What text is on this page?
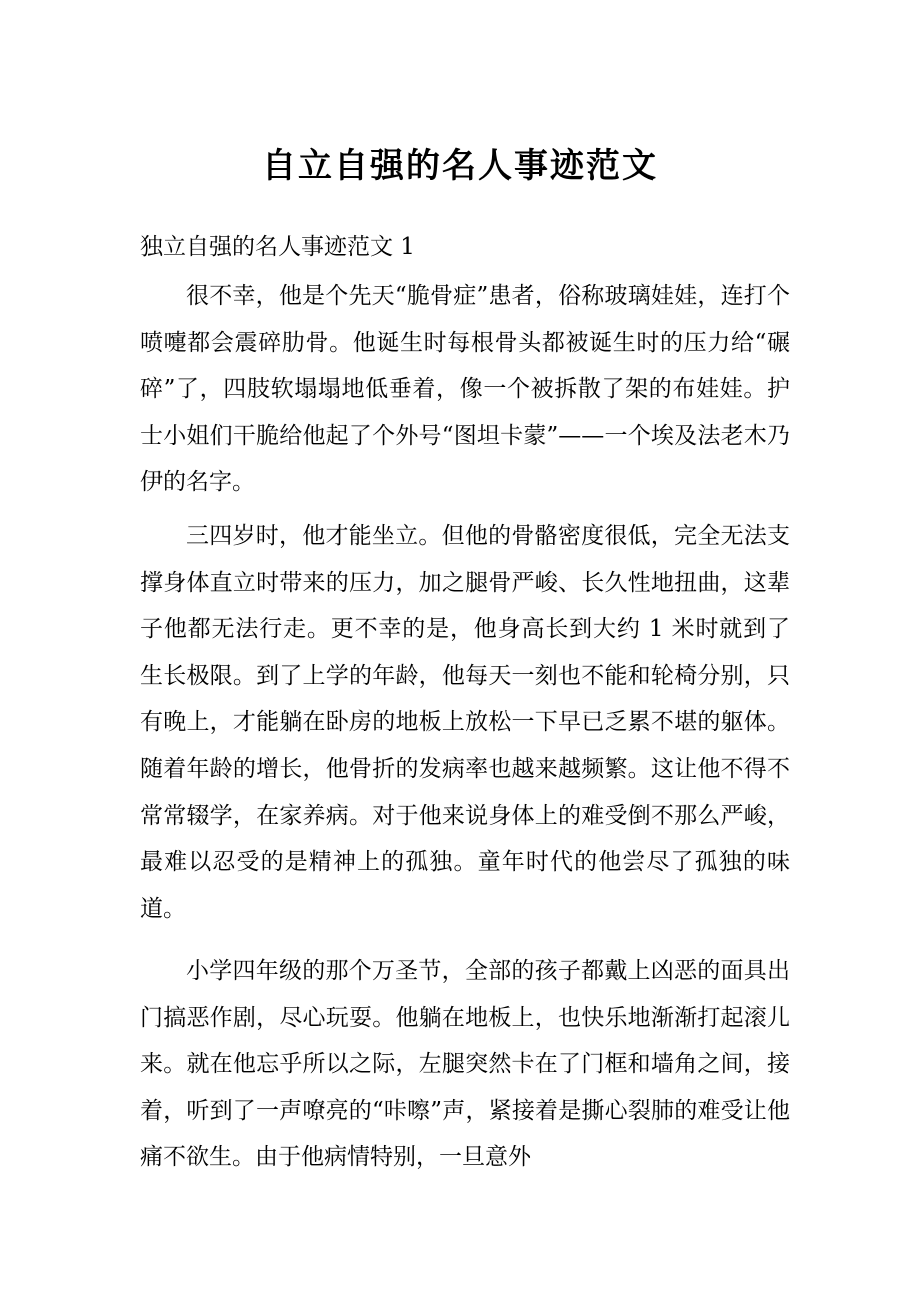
自立自强的名人事迹范文
独立自强的名人事迹范文 1

很不幸，他是个先天“脆骨症”患者，俗称玻璃娃娃，连打个喷嚏都会震碎肋骨。他诞生时每根骨头都被诞生时的压力给“碾碎”了，四肢软塌塌地低垂着，像一个被拆散了架的布娃娃。护士小姐们干脆给他起了个外号“图坦卡蒙”——一个埃及法老木乃伊的名字。

三四岁时，他才能坐立。但他的骨骼密度很低，完全无法支撑身体直立时带来的压力，加之腿骨严峻、长久性地扭曲，这辈子他都无法行走。更不幸的是，他身高长到大约 1 米时就到了生长极限。到了上学的年龄，他每天一刻也不能和轮椅分别，只有晚上，才能躺在卧房的地板上放松一下早已乏累不堪的躯体。随着年龄的增长，他骨折的发病率也越来越频繁。这让他不得不常常辍学，在家养病。对于他来说身体上的难受倒不那么严峻，最难以忍受的是精神上的孤独。童年时代的他尝尽了孤独的味道。

小学四年级的那个万圣节，全部的孩子都戴上凶恶的面具出门搞恶作剧，尽心玩耍。他躺在地板上，也快乐地渐渐打起滚儿来。就在他忘乎所以之际，左腿突然卡在了门框和墙角之间，接着，听到了一声嘹亮的“咔嚓”声，紧接着是撕心裂肺的难受让他痛不欲生。由于他病情特别，一旦意外
